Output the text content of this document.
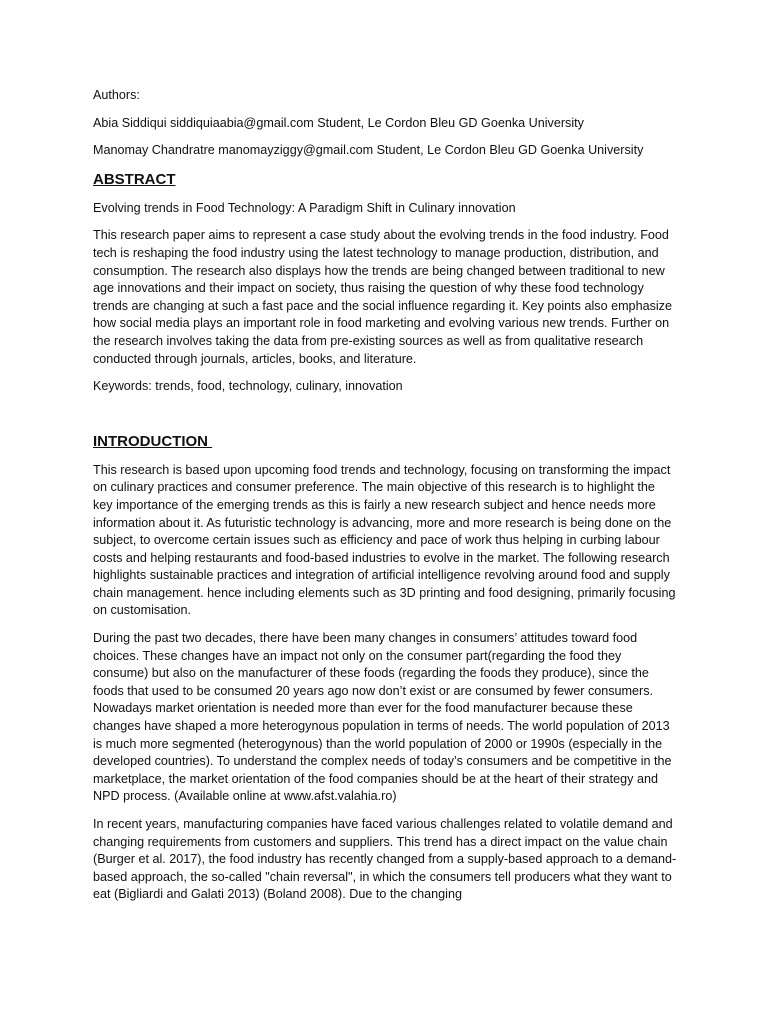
Authors:

Abia Siddiqui siddiquiaabia@gmail.com Student, Le Cordon Bleu GD Goenka University

Manomay Chandratre manomayziggy@gmail.com Student, Le Cordon Bleu GD Goenka University

ABSTRACT

Evolving trends in Food Technology: A Paradigm Shift in Culinary innovation

This research paper aims to represent a case study about the evolving trends in the food industry. Food tech is reshaping the food industry using the latest technology to manage production, distribution, and consumption. The research also displays how the trends are being changed between traditional to new age innovations and their impact on society, thus raising the question of why these food technology trends are changing at such a fast pace and the social influence regarding it. Key points also emphasize how social media plays an important role in food marketing and evolving various new trends. Further on the research involves taking the data from pre-existing sources as well as from qualitative research conducted through journals, articles, books, and literature.

Keywords: trends, food, technology, culinary, innovation

INTRODUCTION

This research is based upon upcoming food trends and technology, focusing on transforming the impact on culinary practices and consumer preference. The main objective of this research is to highlight the key importance of the emerging trends as this is fairly a new research subject and hence needs more information about it. As futuristic technology is advancing, more and more research is being done on the subject, to overcome certain issues such as efficiency and pace of work thus helping in curbing labour costs and helping restaurants and food-based industries to evolve in the market. The following research highlights sustainable practices and integration of artificial intelligence revolving around food and supply chain management. hence including elements such as 3D printing and food designing, primarily focusing on customisation.

During the past two decades, there have been many changes in consumers’ attitudes toward food choices. These changes have an impact not only on the consumer part(regarding the food they consume) but also on the manufacturer of these foods (regarding the foods they produce), since the foods that used to be consumed 20 years ago now don’t exist or are consumed by fewer consumers. Nowadays market orientation is needed more than ever for the food manufacturer because these changes have shaped a more heterogynous population in terms of needs. The world population of 2013 is much more segmented (heterogynous) than the world population of 2000 or 1990s (especially in the developed countries). To understand the complex needs of today’s consumers and be competitive in the marketplace, the market orientation of the food companies should be at the heart of their strategy and NPD process. (Available online at www.afst.valahia.ro)

In recent years, manufacturing companies have faced various challenges related to volatile demand and changing requirements from customers and suppliers. This trend has a direct impact on the value chain (Burger et al. 2017), the food industry has recently changed from a supply-based approach to a demand-based approach, the so-called "chain reversal", in which the consumers tell producers what they want to eat (Bigliardi and Galati 2013) (Boland 2008). Due to the changing
